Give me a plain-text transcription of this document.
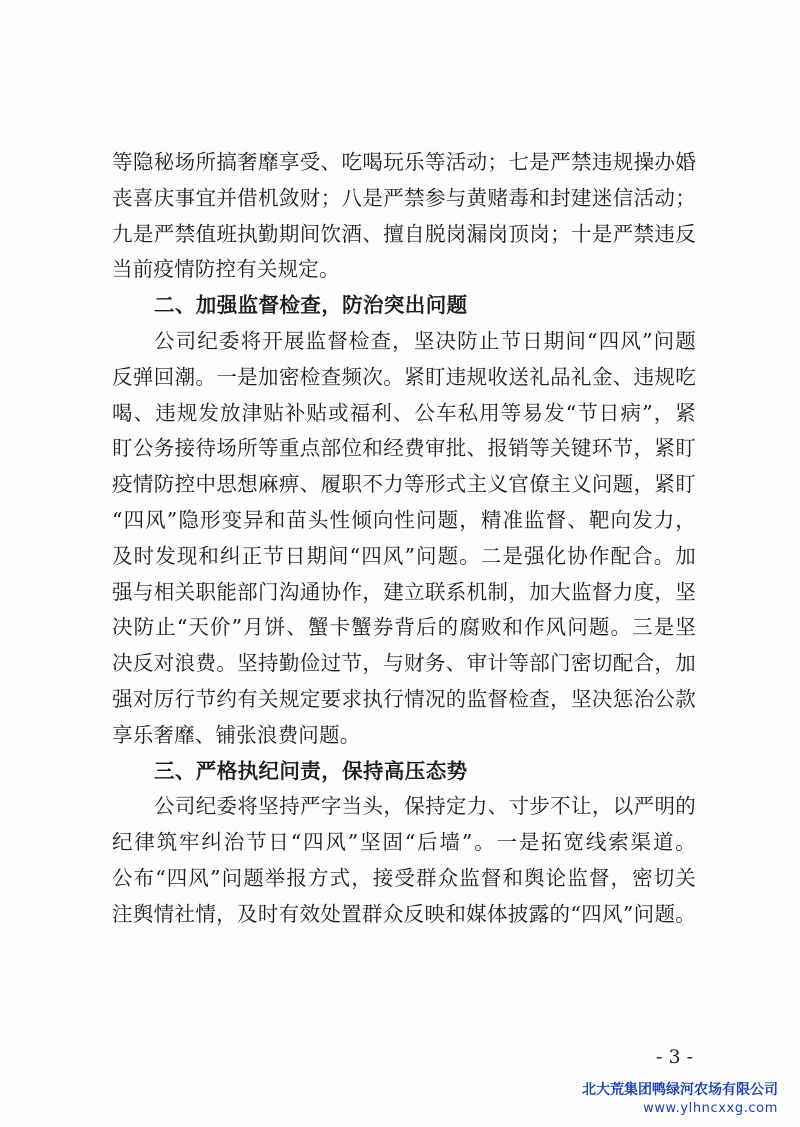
等隐秘场所搞奢靡享受、吃喝玩乐等活动；七是严禁违规操办婚
丧喜庆事宜并借机敛财；八是严禁参与黄赌毒和封建迷信活动；
九是严禁值班执勤期间饮酒、擅自脱岗漏岗顶岗；十是严禁违反
当前疫情防控有关规定。
二、加强监督检查，防治突出问题
公司纪委将开展监督检查，坚决防止节日期间“四风”问题
反弹回潮。一是加密检查频次。紧盯违规收送礼品礼金、违规吃
喝、违规发放津贴补贴或福利、公车私用等易发“节日病”，紧
盯公务接待场所等重点部位和经费审批、报销等关键环节，紧盯
疫情防控中思想麻痹、履职不力等形式主义官僚主义问题，紧盯
“四风”隐形变异和苗头性倾向性问题，精准监督、靶向发力，
及时发现和纠正节日期间“四风”问题。二是强化协作配合。加
强与相关职能部门沟通协作，建立联系机制，加大监督力度，坚
决防止“天价”月饼、蟹卡蟹券背后的腐败和作风问题。三是坚
决反对浪费。坚持勤俭过节，与财务、审计等部门密切配合，加
强对厉行节约有关规定要求执行情况的监督检查，坚决惩治公款
享乐奢靡、铺张浪费问题。
三、严格执纪问责，保持高压态势
公司纪委将坚持严字当头，保持定力、寸步不让，以严明的
纪律筑牢纠治节日“四风”坚固“后墙”。一是拓宽线索渠道。
公布“四风”问题举报方式，接受群众监督和舆论监督，密切关
注舆情社情，及时有效处置群众反映和媒体披露的“四风”问题。
- 3 -
北大荒集团鸭绿河农场有限公司
www.ylhncxxg.com
